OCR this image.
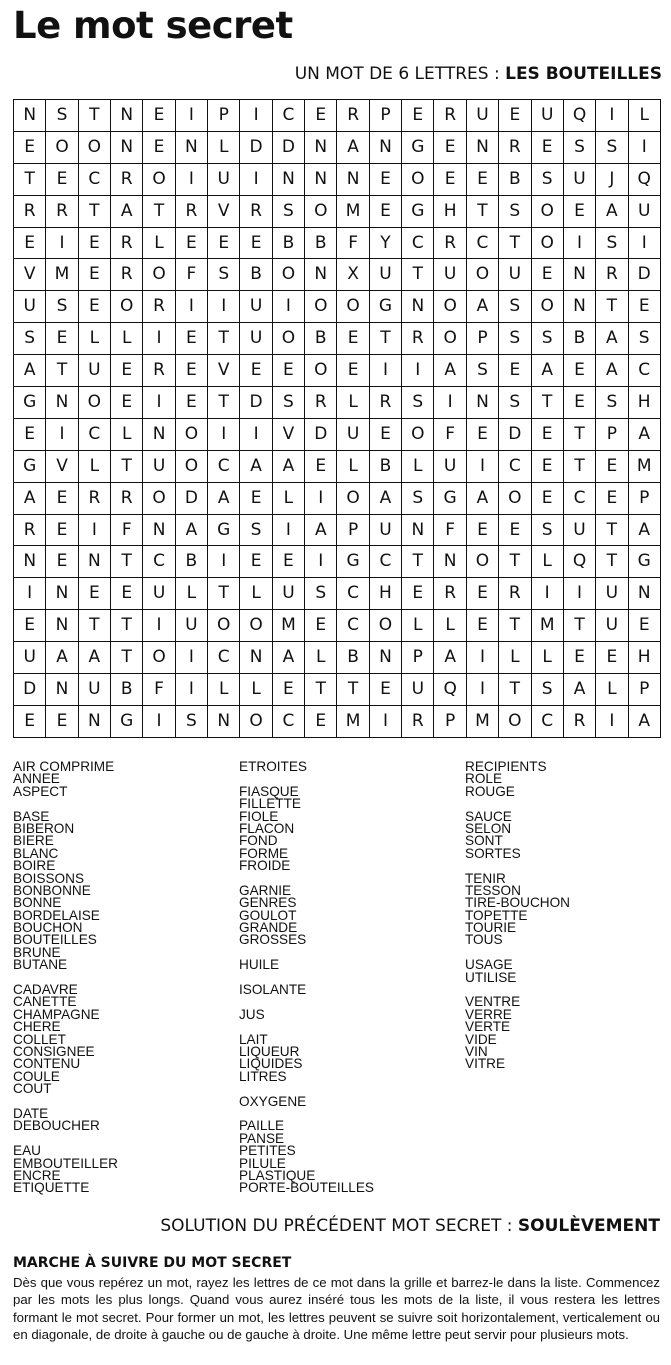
Le mot secret
UN MOT DE 6 LETTRES : LES BOUTEILLES
N	S	T	N	E	I	P	I	C	E	R	P	E	R	U	E	U	Q	I	L
E	O	O	N	E	N	L	D	D	N	A	N	G	E	N	R	E	S	S	I
T	E	C	R	O	I	U	I	N	N	N	E	O	E	E	B	S	U	J	Q
R	R	T	A	T	R	V	R	S	O	M	E	G	H	T	S	O	E	A	U
E	I	E	R	L	E	E	E	B	B	F	Y	C	R	C	T	O	I	S	I
V	M	E	R	O	F	S	B	O	N	X	U	T	U	O	U	E	N	R	D
U	S	E	O	R	I	I	U	I	O	O	G	N	O	A	S	O	N	T	E
S	E	L	L	I	E	T	U	O	B	E	T	R	O	P	S	S	B	A	S
A	T	U	E	R	E	V	E	E	O	E	I	I	A	S	E	A	E	A	C
G	N	O	E	I	E	T	D	S	R	L	R	S	I	N	S	T	E	S	H
E	I	C	L	N	O	I	I	V	D	U	E	O	F	E	D	E	T	P	A
G	V	L	T	U	O	C	A	A	E	L	B	L	U	I	C	E	T	E	M
A	E	R	R	O	D	A	E	L	I	O	A	S	G	A	O	E	C	E	P
R	E	I	F	N	A	G	S	I	A	P	U	N	F	E	E	S	U	T	A
N	E	N	T	C	B	I	E	E	I	G	C	T	N	O	T	L	Q	T	G
I	N	E	E	U	L	T	L	U	S	C	H	E	R	E	R	I	I	U	N
E	N	T	T	I	U	O	O	M	E	C	O	L	L	E	T	M	T	U	E
U	A	A	T	O	I	C	N	A	L	B	N	P	A	I	L	L	E	E	H
D	N	U	B	F	I	L	L	E	T	T	E	U	Q	I	T	S	A	L	P
E	E	N	G	I	S	N	O	C	E	M	I	R	P	M	O	C	R	I	A
AIR COMPRIME
ANNEE
ASPECT
BASE
BIBERON
BIERE
BLANC
BOIRE
BOISSONS
BONBONNE
BONNE
BORDELAISE
BOUCHON
BOUTEILLES
BRUNE
BUTANE
CADAVRE
CANETTE
CHAMPAGNE
CHERE
COLLET
CONSIGNEE
CONTENU
COULE
COUT
DATE
DEBOUCHER
EAU
EMBOUTEILLER
ENCRE
ETIQUETTE
ETROITES
FIASQUE
FILLETTE
FIOLE
FLACON
FOND
FORME
FROIDE
GARNIE
GENRES
GOULOT
GRANDE
GROSSES
HUILE
ISOLANTE
JUS
LAIT
LIQUEUR
LIQUIDES
LITRES
OXYGENE
PAILLE
PANSE
PETITES
PILULE
PLASTIQUE
PORTE-BOUTEILLES
RECIPIENTS
ROLE
ROUGE
SAUCE
SELON
SONT
SORTES
TENIR
TESSON
TIRE-BOUCHON
TOPETTE
TOURIE
TOUS
USAGE
UTILISE
VENTRE
VERRE
VERTE
VIDE
VIN
VITRE
SOLUTION DU PRÉCÉDENT MOT SECRET : SOULÈVEMENT
MARCHE À SUIVRE DU MOT SECRET
Dès que vous repérez un mot, rayez les lettres de ce mot dans la grille et barrez-le dans la liste. Commencez par les mots les plus longs. Quand vous aurez inséré tous les mots de la liste, il vous restera les lettres formant le mot secret. Pour former un mot, les lettres peuvent se suivre soit horizontalement, verticalement ou en diagonale, de droite à gauche ou de gauche à droite. Une même lettre peut servir pour plusieurs mots.
